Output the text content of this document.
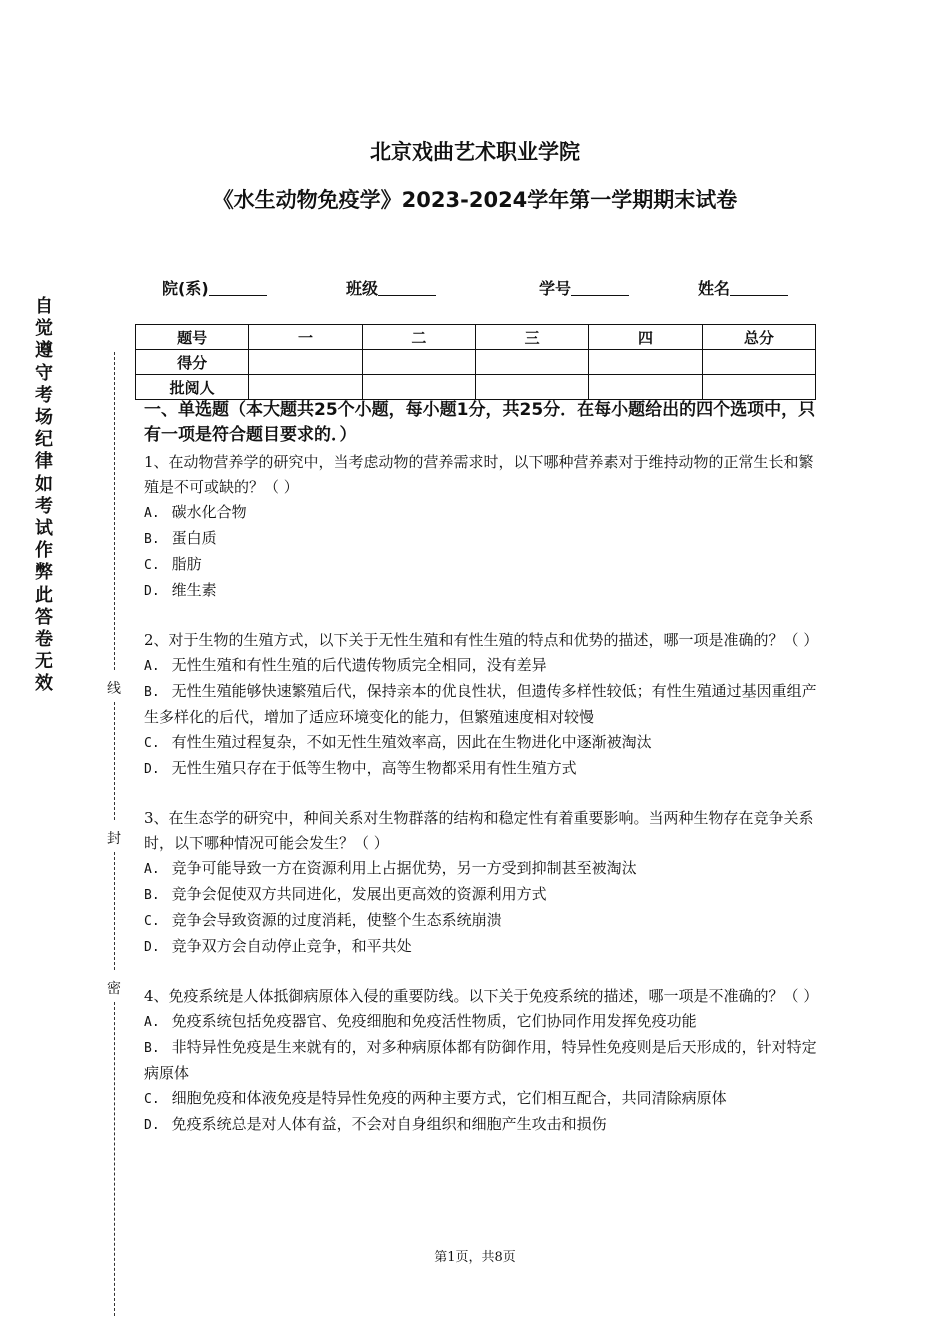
北京戏曲艺术职业学院
《水生动物免疫学》2023-2024学年第一学期期末试卷
院(系)	班级	学号	姓名
题号	一	二	三	四	总分
得分					
批阅人					
自
觉
遵
守
考
场
纪
律
如
考
试
作
弊
此
答
卷
无
效	线
封
密
一、单选题（本大题共25个小题，每小题1分，共25分．在每小题给出的四个选项中，只有一项是符合题目要求的．）
1、在动物营养学的研究中，当考虑动物的营养需求时，以下哪种营养素对于维持动物的正常生长和繁殖是不可或缺的？（ ）
A. 碳水化合物
B. 蛋白质
C. 脂肪
D. 维生素
2、对于生物的生殖方式，以下关于无性生殖和有性生殖的特点和优势的描述，哪一项是准确的？（ ）
A. 无性生殖和有性生殖的后代遗传物质完全相同，没有差异
B. 无性生殖能够快速繁殖后代，保持亲本的优良性状，但遗传多样性较低；有性生殖通过基因重组产生多样化的后代，增加了适应环境变化的能力，但繁殖速度相对较慢
C. 有性生殖过程复杂，不如无性生殖效率高，因此在生物进化中逐渐被淘汰
D. 无性生殖只存在于低等生物中，高等生物都采用有性生殖方式
3、在生态学的研究中，种间关系对生物群落的结构和稳定性有着重要影响。当两种生物存在竞争关系时，以下哪种情况可能会发生？（ ）
A. 竞争可能导致一方在资源利用上占据优势，另一方受到抑制甚至被淘汰
B. 竞争会促使双方共同进化，发展出更高效的资源利用方式
C. 竞争会导致资源的过度消耗，使整个生态系统崩溃
D. 竞争双方会自动停止竞争，和平共处
4、免疫系统是人体抵御病原体入侵的重要防线。以下关于免疫系统的描述，哪一项是不准确的？（ ）
A. 免疫系统包括免疫器官、免疫细胞和免疫活性物质，它们协同作用发挥免疫功能
B. 非特异性免疫是生来就有的，对多种病原体都有防御作用，特异性免疫则是后天形成的，针对特定病原体
C. 细胞免疫和体液免疫是特异性免疫的两种主要方式，它们相互配合，共同清除病原体
D. 免疫系统总是对人体有益，不会对自身组织和细胞产生攻击和损伤
第1页，共8页
